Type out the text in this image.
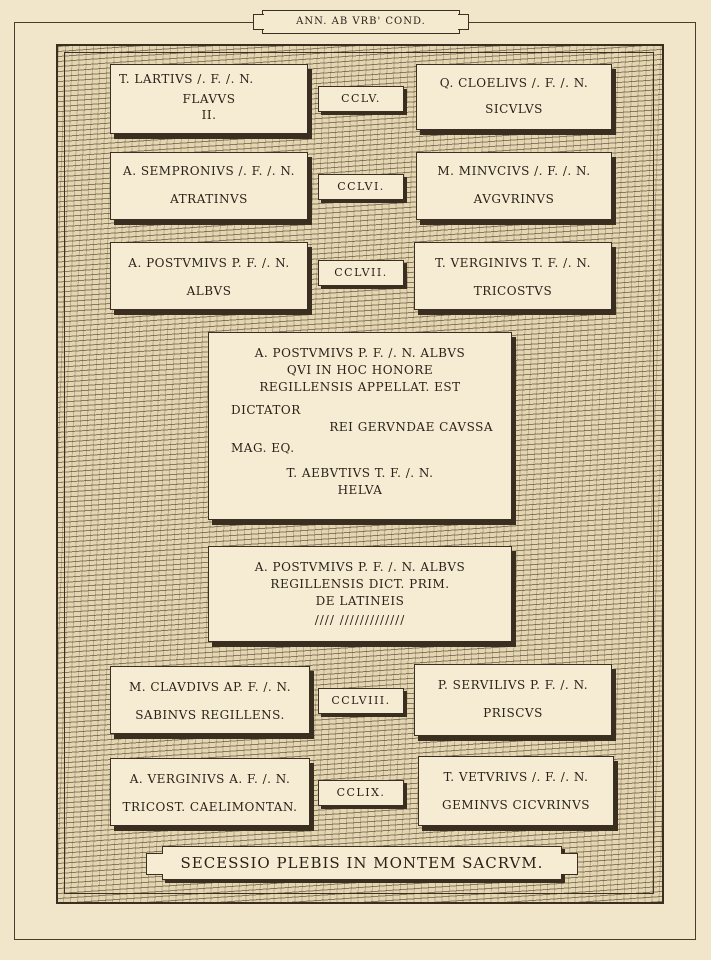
ANN. AB VRB' COND.
T. LARTIVS /. F. /. N.
FLAVVS
II.
CCLV.
Q. CLOELIVS /. F. /. N.
SICVLVS
A. SEMPRONIVS /. F. /. N.
ATRATINVS
CCLVI.
M. MINVCIVS /. F. /. N.
AVGVRINVS
A. POSTVMIVS P. F. /. N.
ALBVS
CCLVII.
T. VERGINIVS T. F. /. N.
TRICOSTVS
A. POSTVMIVS P. F. /. N. ALBVS
QVI IN HOC HONORE
REGILLENSIS APPELLAT. EST
DICTATOR
REI GERVNDAE CAVSSA
MAG. EQ.
T. AEBVTIVS T. F. /. N.
HELVA
A. POSTVMIVS P. F. /. N. ALBVS
REGILLENSIS DICT. PRIM.
DE LATINEIS
//// /////////////
M. CLAVDIVS AP. F. /. N.
SABINVS REGILLENS.
CCLVIII.
P. SERVILIVS P. F. /. N.
PRISCVS
A. VERGINIVS A. F. /. N.
TRICOST. CAELIMONTAN.
CCLIX.
T. VETVRIVS /. F. /. N.
GEMINVS CICVRINVS
SECESSIO PLEBIS IN MONTEM SACRVM.
